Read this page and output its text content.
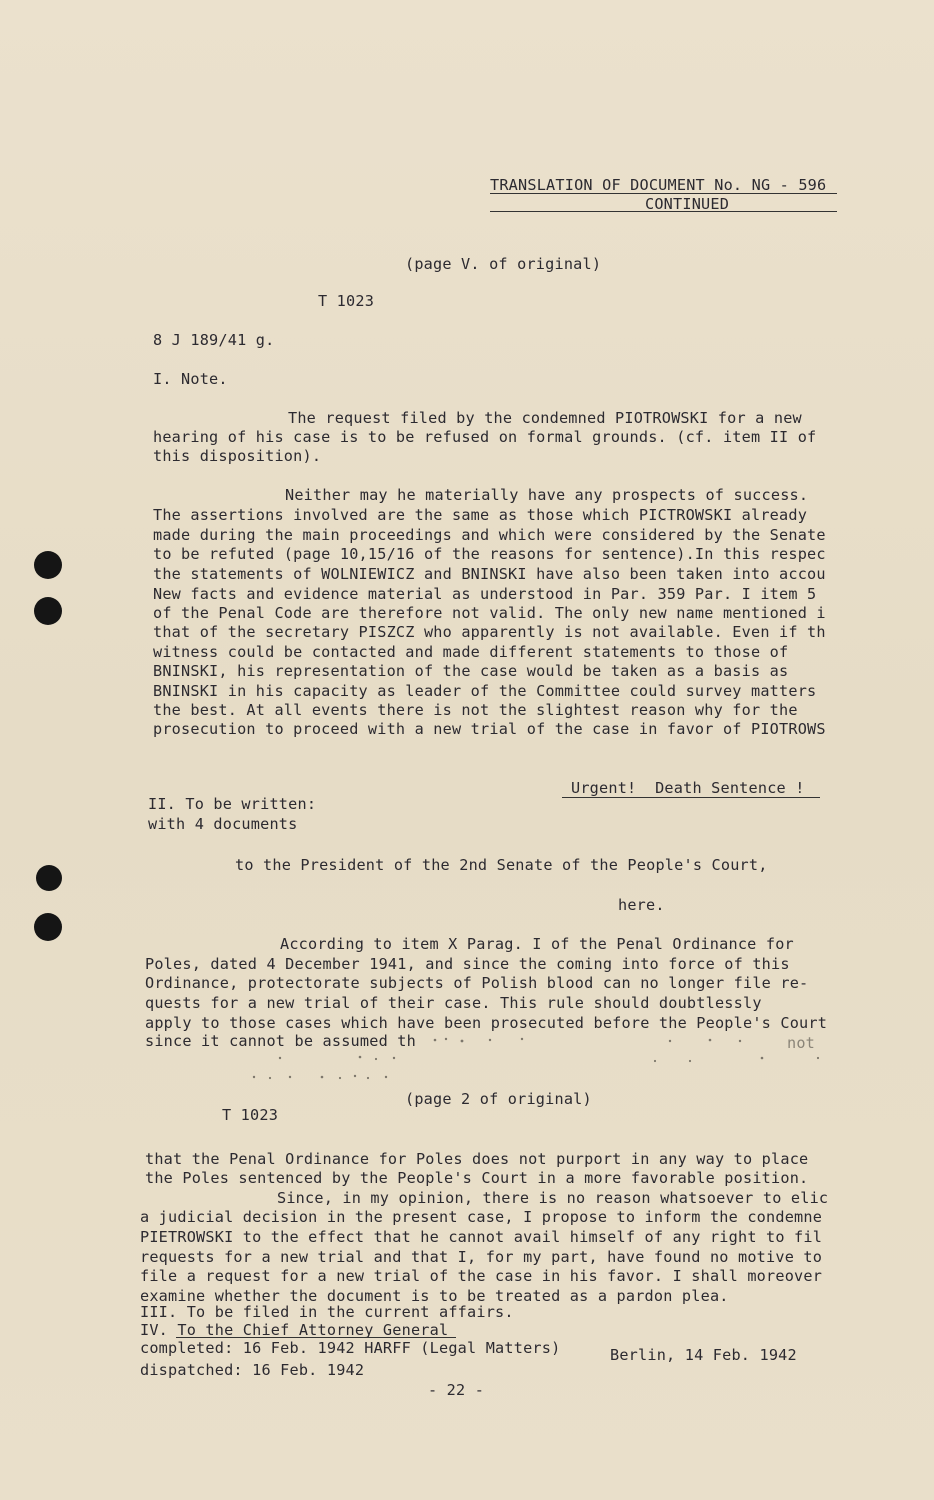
TRANSLATION OF DOCUMENT No. NG - 596
CONTINUED
(page V. of original)
T 1023
8 J 189/41 g.
I. Note.
The request filed by the condemned PIOTROWSKI for a new
hearing of his case is to be refused on formal grounds. (cf. item II of
this disposition).
Neither may he materially have any prospects of success.
The assertions involved are the same as those which PICTROWSKI already
made during the main proceedings and which were considered by the Senate
to be refuted (page 10,15/16 of the reasons for sentence).In this respec
the statements of WOLNIEWICZ and BNINSKI have also been taken into accou
New facts and evidence material as understood in Par. 359 Par. I item 5
of the Penal Code are therefore not valid. The only new name mentioned i
that of the secretary PISZCZ who apparently is not available. Even if th
witness could be contacted and made different statements to those of
BNINSKI, his representation of the case would be taken as a basis as
BNINSKI in his capacity as leader of the Committee could survey matters
the best. At all events there is not the slightest reason why for the
prosecution to proceed with a new trial of the case in favor of PIOTROWS
Urgent!  Death Sentence !
II. To be written:
with 4 documents
to the President of the 2nd Senate of the People's Court,
here.
According to item X Parag. I of the Penal Ordinance for
Poles, dated 4 December 1941, and since the coming into force of this
Ordinance, protectorate subjects of Polish blood can no longer file re-
quests for a new trial of their case. This rule should doubtlessly
apply to those cases which have been prosecuted before the People's Court
since it cannot be assumed th	not
(page 2 of original)
T 1023
that the Penal Ordinance for Poles does not purport in any way to place
the Poles sentenced by the People's Court in a more favorable position.
Since, in my opinion, there is no reason whatsoever to elic
a judicial decision in the present case, I propose to inform the condemne
PIETROWSKI to the effect that he cannot avail himself of any right to fil
requests for a new trial and that I, for my part, have found no motive to
file a request for a new trial of the case in his favor. I shall moreover
examine whether the document is to be treated as a pardon plea.
III. To be filed in the current affairs.
IV. To the Chief Attorney General
completed: 16 Feb. 1942 HARFF (Legal Matters)	Berlin, 14 Feb. 1942
dispatched: 16 Feb. 1942
- 22 -
